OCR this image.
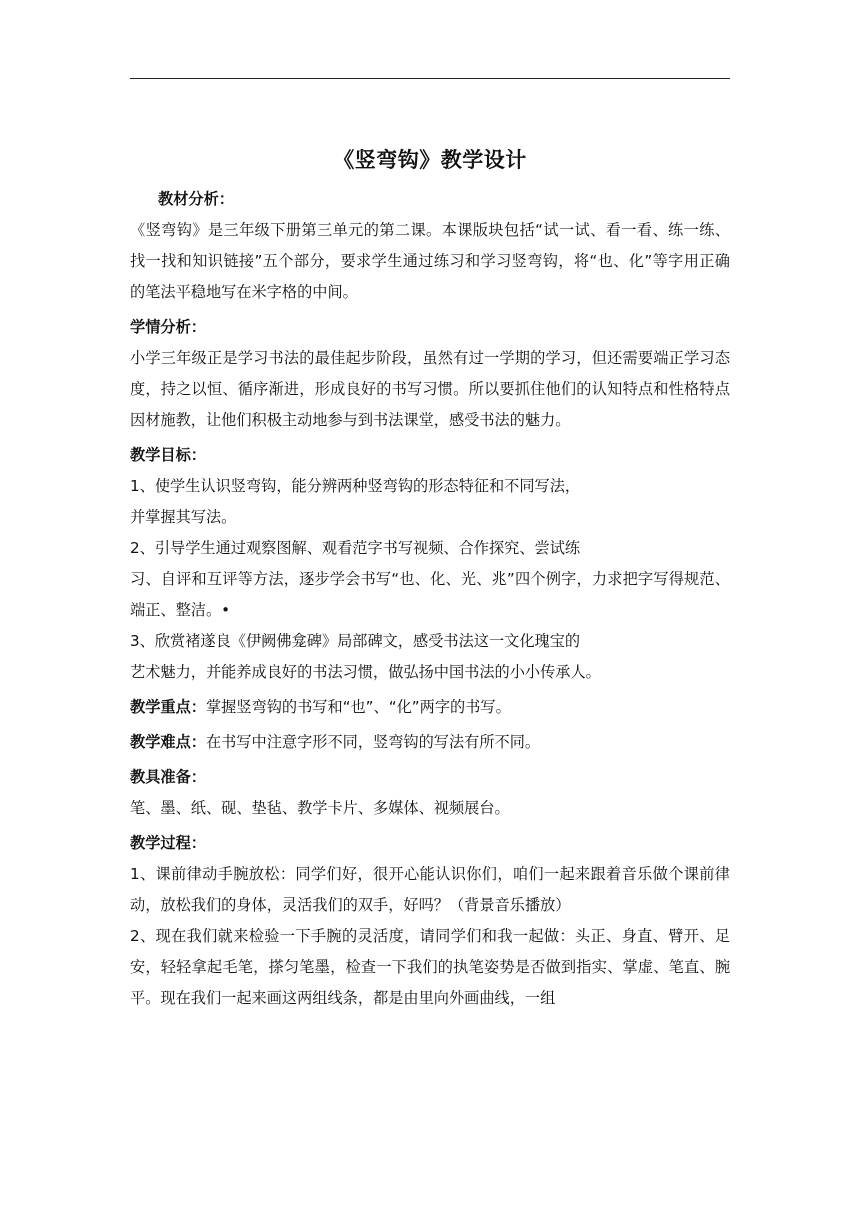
《竖弯钩》教学设计

教材分析：

《竖弯钩》是三年级下册第三单元的第二课。本课版块包括“试一试、看一看、练一练、找一找和知识链接”五个部分，要求学生通过练习和学习竖弯钩，将“也、化”等字用正确的笔法平稳地写在米字格的中间。

学情分析：

小学三年级正是学习书法的最佳起步阶段，虽然有过一学期的学习，但还需要端正学习态度，持之以恒、循序渐进，形成良好的书写习惯。所以要抓住他们的认知特点和性格特点因材施教，让他们积极主动地参与到书法课堂，感受书法的魅力。

教学目标：

1、使学生认识竖弯钩，能分辨两种竖弯钩的形态特征和不同写法，

并掌握其写法。

2、引导学生通过观察图解、观看范字书写视频、合作探究、尝试练

习、自评和互评等方法，逐步学会书写“也、化、光、兆”四个例字，力求把字写得规范、端正、整洁。•

3、欣赏褚遂良《伊阙佛龛碑》局部碑文，感受书法这一文化瑰宝的

艺术魅力，并能养成良好的书法习惯，做弘扬中国书法的小小传承人。

教学重点：掌握竖弯钩的书写和“也”、“化”两字的书写。

教学难点：在书写中注意字形不同，竖弯钩的写法有所不同。

教具准备：

笔、墨、纸、砚、垫毡、教学卡片、多媒体、视频展台。

教学过程：

1、课前律动手腕放松：同学们好，很开心能认识你们，咱们一起来跟着音乐做个课前律动，放松我们的身体，灵活我们的双手，好吗？（背景音乐播放）

2、现在我们就来检验一下手腕的灵活度，请同学们和我一起做：头正、身直、臂开、足安，轻轻拿起毛笔，搽匀笔墨，检查一下我们的执笔姿势是否做到指实、掌虚、笔直、腕平。现在我们一起来画这两组线条，都是由里向外画曲线，一组
